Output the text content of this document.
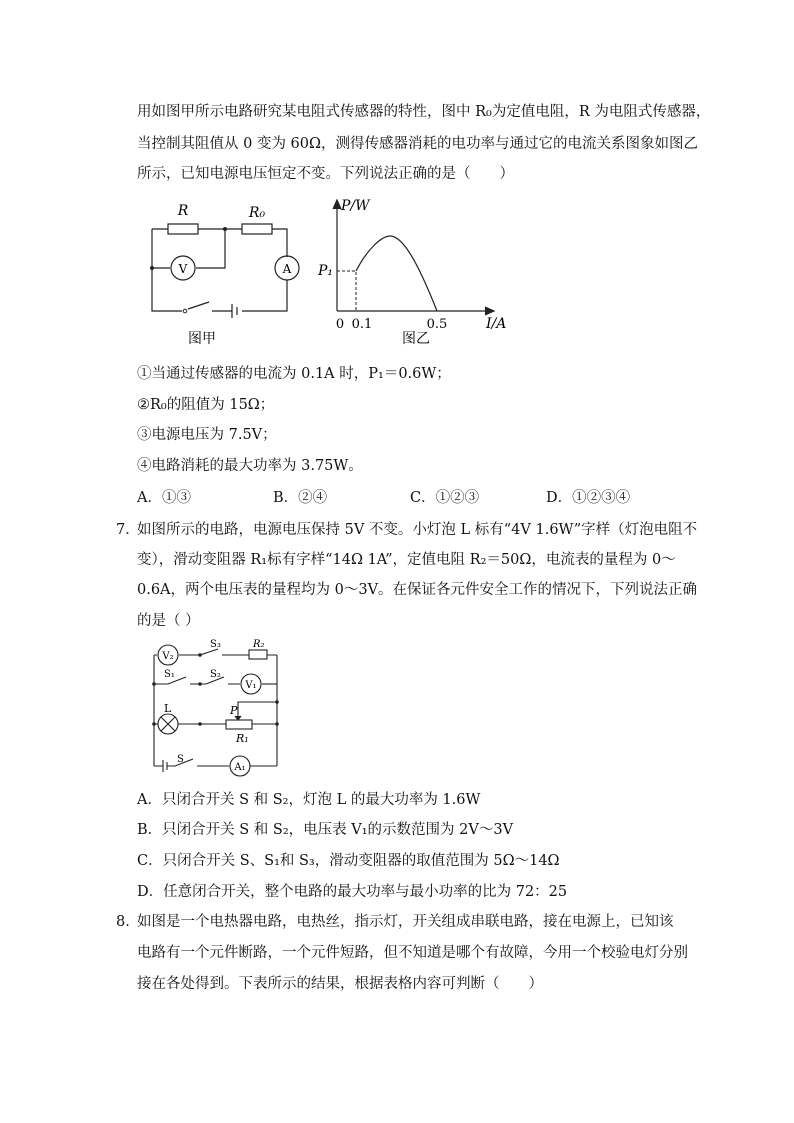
用如图甲所示电路研究某电阻式传感器的特性，图中 R₀为定值电阻，R 为电阻式传感器，
当控制其阻值从 0 变为 60Ω，测得传感器消耗的电功率与通过它的电流关系图象如图乙
所示，已知电源电压恒定不变。下列说法正确的是（　　）
R	R₀
V	A
图甲
P/W
P₁
0 0.1	0.5	I/A
图乙
①当通过传感器的电流为 0.1A 时，P₁＝0.6W；
②R₀的阻值为 15Ω；
③电源电压为 7.5V；
④电路消耗的最大功率为 3.75W。
A．①③	B．②④	C．①②③	D．①②③④
7．
如图所示的电路，电源电压保持 5V 不变。小灯泡 L 标有“4V 1.6W”字样（灯泡电阻不
变），滑动变阻器 R₁标有字样“14Ω 1A”，定值电阻 R₂＝50Ω，电流表的量程为 0～
0.6A，两个电压表的量程均为 0～3V。在保证各元件安全工作的情况下，下列说法正确
的是（ ）
V₂
V₁
A₁
S₃	R₂
S₁	S₂
L	P
R₁
S
A．只闭合开关 S 和 S₂，灯泡 L 的最大功率为 1.6W
B．只闭合开关 S 和 S₂，电压表 V₁的示数范围为 2V～3V
C．只闭合开关 S、S₁和 S₃，滑动变阻器的取值范围为 5Ω～14Ω
D．任意闭合开关，整个电路的最大功率与最小功率的比为 72：25
8．
如图是一个电热器电路，电热丝，指示灯，开关组成串联电路，接在电源上，已知该
电路有一个元件断路，一个元件短路，但不知道是哪个有故障，今用一个校验电灯分别
接在各处得到。下表所示的结果，根据表格内容可判断（　　）
